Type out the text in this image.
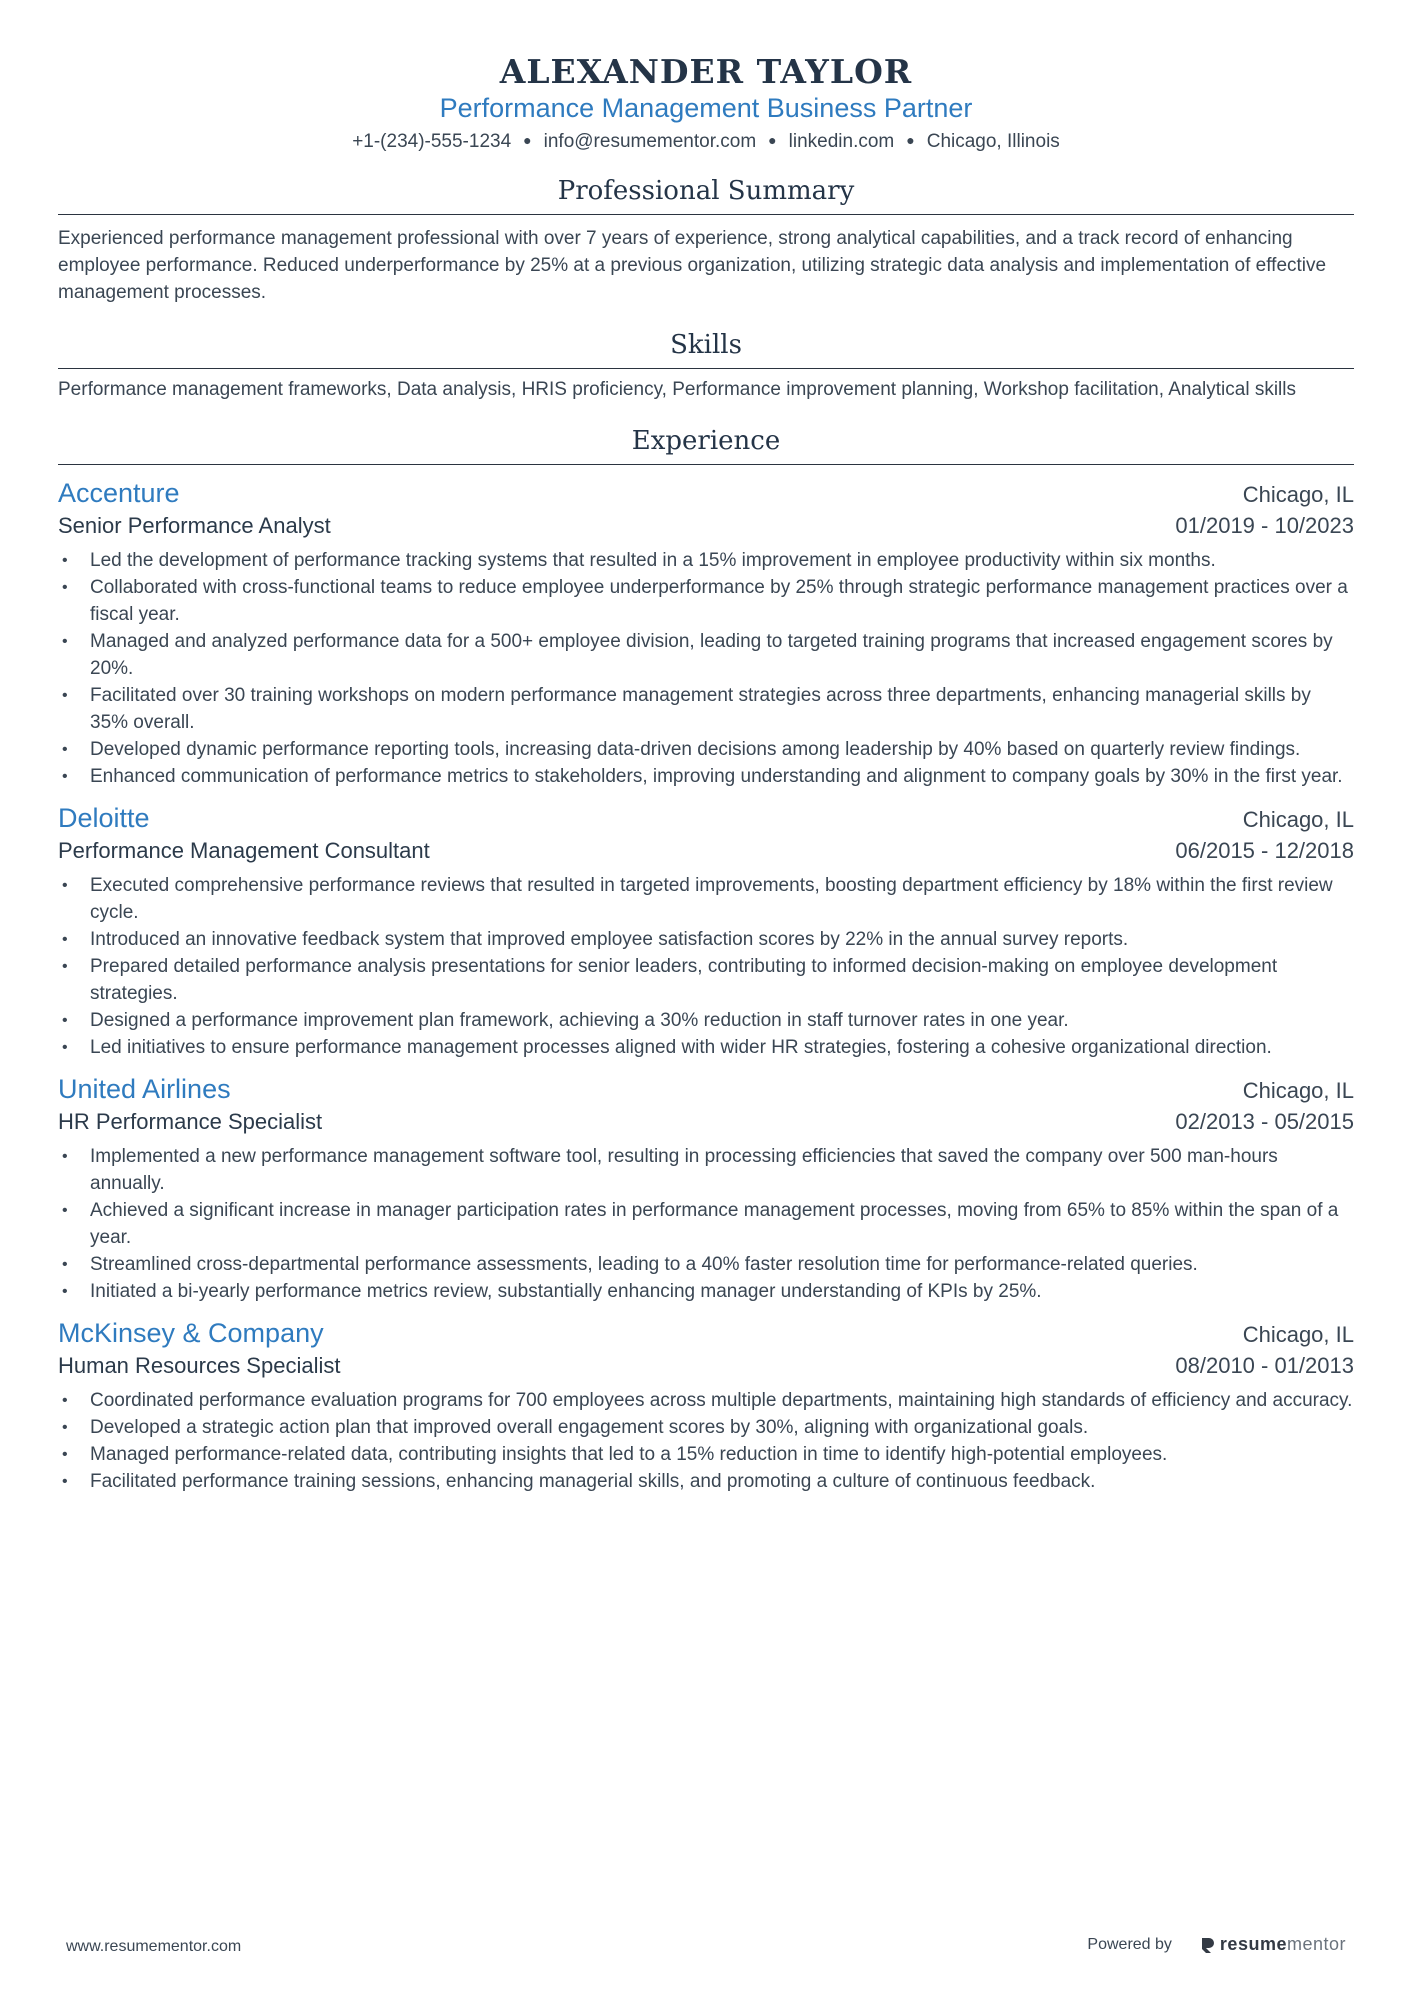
ALEXANDER TAYLOR
Performance Management Business Partner
+1-(234)-555-1234 ● info@resumementor.com ● linkedin.com ● Chicago, Illinois
Professional Summary
Experienced performance management professional with over 7 years of experience, strong analytical capabilities, and a track record of enhancing employee performance. Reduced underperformance by 25% at a previous organization, utilizing strategic data analysis and implementation of effective management processes.
Skills
Performance management frameworks, Data analysis, HRIS proficiency, Performance improvement planning, Workshop facilitation, Analytical skills
Experience
Accenture	Chicago, IL
Senior Performance Analyst	01/2019 - 10/2023
• Led the development of performance tracking systems that resulted in a 15% improvement in employee productivity within six months.
• Collaborated with cross-functional teams to reduce employee underperformance by 25% through strategic performance management practices over a fiscal year.
• Managed and analyzed performance data for a 500+ employee division, leading to targeted training programs that increased engagement scores by 20%.
• Facilitated over 30 training workshops on modern performance management strategies across three departments, enhancing managerial skills by 35% overall.
• Developed dynamic performance reporting tools, increasing data-driven decisions among leadership by 40% based on quarterly review findings.
• Enhanced communication of performance metrics to stakeholders, improving understanding and alignment to company goals by 30% in the first year.
Deloitte	Chicago, IL
Performance Management Consultant	06/2015 - 12/2018
• Executed comprehensive performance reviews that resulted in targeted improvements, boosting department efficiency by 18% within the first review cycle.
• Introduced an innovative feedback system that improved employee satisfaction scores by 22% in the annual survey reports.
• Prepared detailed performance analysis presentations for senior leaders, contributing to informed decision-making on employee development strategies.
• Designed a performance improvement plan framework, achieving a 30% reduction in staff turnover rates in one year.
• Led initiatives to ensure performance management processes aligned with wider HR strategies, fostering a cohesive organizational direction.
United Airlines	Chicago, IL
HR Performance Specialist	02/2013 - 05/2015
• Implemented a new performance management software tool, resulting in processing efficiencies that saved the company over 500 man-hours annually.
• Achieved a significant increase in manager participation rates in performance management processes, moving from 65% to 85% within the span of a year.
• Streamlined cross-departmental performance assessments, leading to a 40% faster resolution time for performance-related queries.
• Initiated a bi-yearly performance metrics review, substantially enhancing manager understanding of KPIs by 25%.
McKinsey & Company	Chicago, IL
Human Resources Specialist	08/2010 - 01/2013
• Coordinated performance evaluation programs for 700 employees across multiple departments, maintaining high standards of efficiency and accuracy.
• Developed a strategic action plan that improved overall engagement scores by 30%, aligning with organizational goals.
• Managed performance-related data, contributing insights that led to a 15% reduction in time to identify high-potential employees.
• Facilitated performance training sessions, enhancing managerial skills, and promoting a culture of continuous feedback.
www.resumementor.com	Powered by	resume mentor
